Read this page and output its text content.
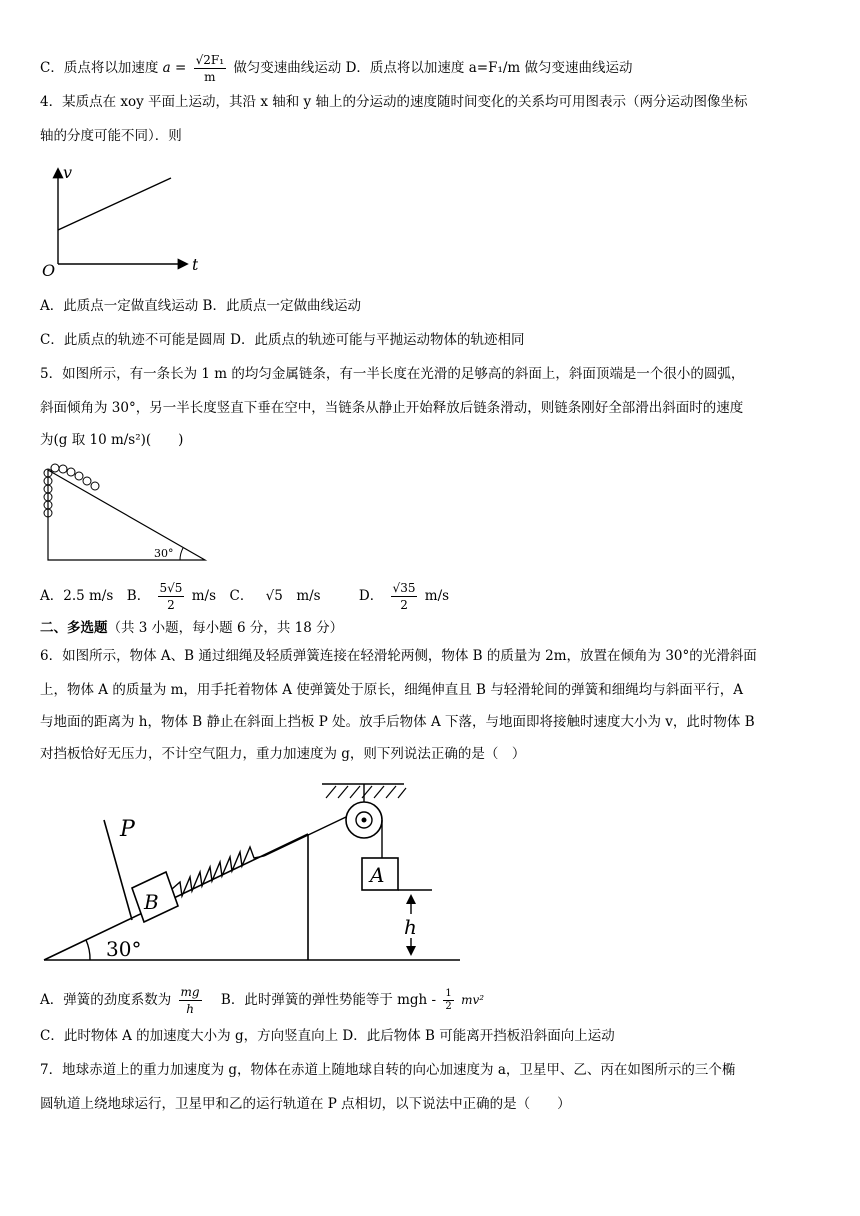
C．质点将以加速度 $a = \frac{\text{√2F₁}}{m}$ 做匀变速曲线运动 D．质点将以加速度 a=F₁/m 做匀变速曲线运动
4．某质点在 xoy 平面上运动，其沿 x 轴和 y 轴上的分运动的速度随时间变化的关系均可用图表示（两分运动图像坐标
轴的分度可能不同）．则
v
t
O
A．此质点一定做直线运动 B．此质点一定做曲线运动
C．此质点的轨迹不可能是圆周 D．此质点的轨迹可能与平抛运动物体的轨迹相同
5．如图所示，有一条长为 1 m 的均匀金属链条，有一半长度在光滑的足够高的斜面上，斜面顶端是一个很小的圆弧，
斜面倾角为 30°，另一半长度竖直下垂在空中，当链条从静止开始释放后链条滑动，则链条刚好全部滑出斜面时的速度
为(g 取 10 m/s²)(　　)
30°
A．2.5 m/s　B． $\frac{5√5}{2} m/s$　C． √5　m/s	D． $\frac{√35}{2} m/s$
二、多选题（共 3 小题，每小题 6 分，共 18 分）
6．如图所示，物体 A、B 通过细绳及轻质弹簧连接在轻滑轮两侧，物体 B 的质量为 2m，放置在倾角为 30°的光滑斜面
上，物体 A 的质量为 m，用手托着物体 A 使弹簧处于原长，细绳伸直且 B 与轻滑轮间的弹簧和细绳均与斜面平行，A
与地面的距离为 h，物体 B 静止在斜面上挡板 P 处。放手后物体 A 下落，与地面即将接触时速度大小为 v，此时物体 B
对挡板恰好无压力，不计空气阻力，重力加速度为 g，则下列说法正确的是（　）
P
B
A
h
30°
A．弹簧的劲度系数为 $\frac{mg}{h}$ B．此时弹簧的弹性势能等于 mgh - $\frac{1}{2} mv^2$
C．此时物体 A 的加速度大小为 g，方向竖直向上 D．此后物体 B 可能离开挡板沿斜面向上运动
7．地球赤道上的重力加速度为 g，物体在赤道上随地球自转的向心加速度为 a，卫星甲、乙、丙在如图所示的三个椭
圆轨道上绕地球运行，卫星甲和乙的运行轨道在 P 点相切，以下说法中正确的是（　　）
